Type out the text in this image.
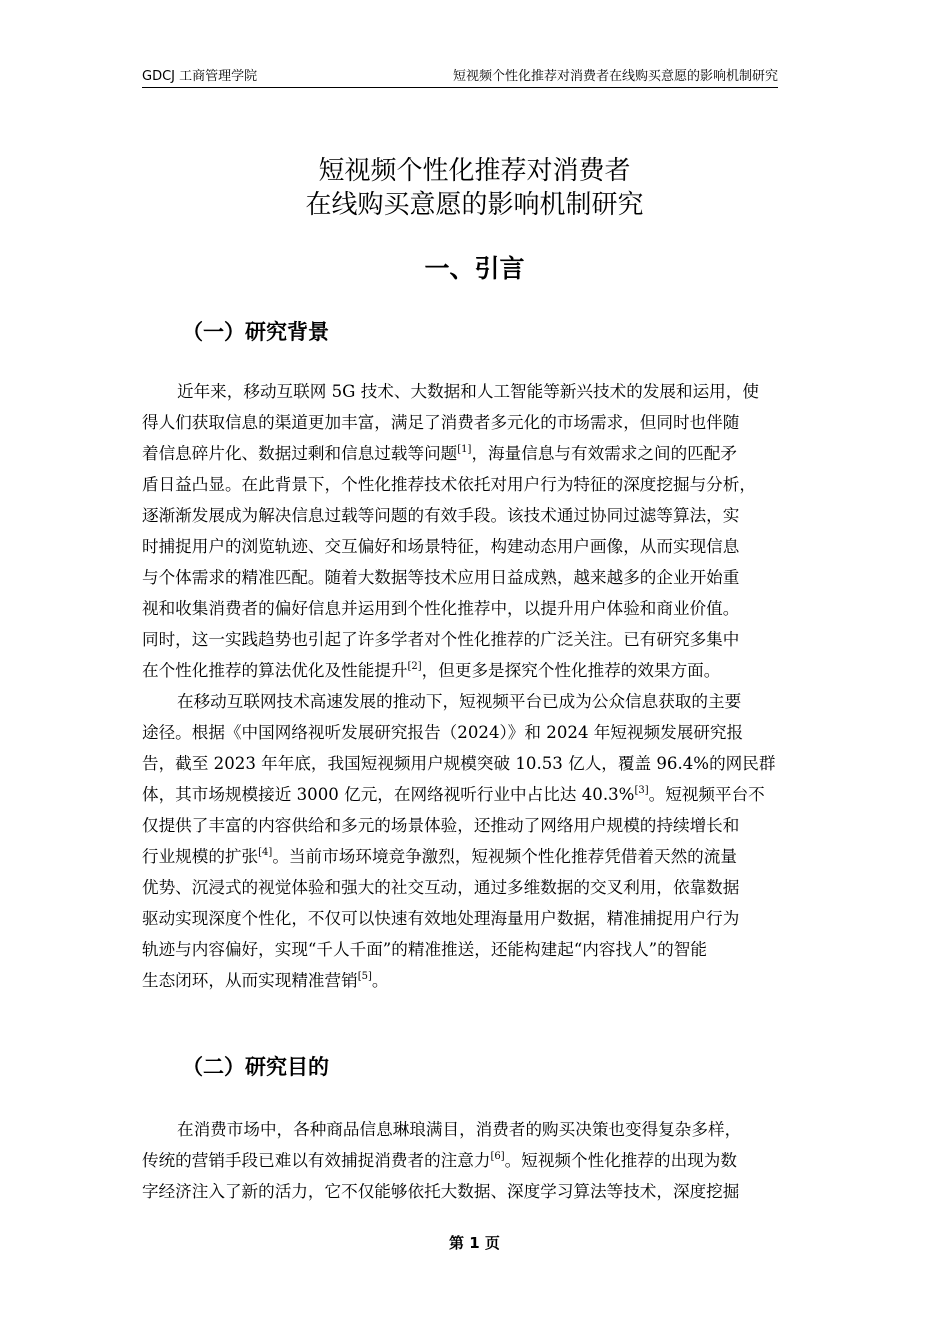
GDCJ 工商管理学院	短视频个性化推荐对消费者在线购买意愿的影响机制研究
短视频个性化推荐对消费者
在线购买意愿的影响机制研究
一、引言
（一）研究背景
近年来，移动互联网 5G 技术、大数据和人工智能等新兴技术的发展和运用，使
得人们获取信息的渠道更加丰富，满足了消费者多元化的市场需求，但同时也伴随
着信息碎片化、数据过剩和信息过载等问题[1]，海量信息与有效需求之间的匹配矛
盾日益凸显。在此背景下，个性化推荐技术依托对用户行为特征的深度挖掘与分析，
逐渐渐发展成为解决信息过载等问题的有效手段。该技术通过协同过滤等算法，实
时捕捉用户的浏览轨迹、交互偏好和场景特征，构建动态用户画像，从而实现信息
与个体需求的精准匹配。随着大数据等技术应用日益成熟，越来越多的企业开始重
视和收集消费者的偏好信息并运用到个性化推荐中，以提升用户体验和商业价值。
同时，这一实践趋势也引起了许多学者对个性化推荐的广泛关注。已有研究多集中
在个性化推荐的算法优化及性能提升[2]，但更多是探究个性化推荐的效果方面。
在移动互联网技术高速发展的推动下，短视频平台已成为公众信息获取的主要
途径。根据《中国网络视听发展研究报告（2024）》和 2024 年短视频发展研究报
告，截至 2023 年年底，我国短视频用户规模突破 10.53 亿人，覆盖 96.4%的网民群
体，其市场规模接近 3000 亿元，在网络视听行业中占比达 40.3%[3]。短视频平台不
仅提供了丰富的内容供给和多元的场景体验，还推动了网络用户规模的持续增长和
行业规模的扩张[4]。当前市场环境竞争激烈，短视频个性化推荐凭借着天然的流量
优势、沉浸式的视觉体验和强大的社交互动，通过多维数据的交叉利用，依靠数据
驱动实现深度个性化，不仅可以快速有效地处理海量用户数据，精准捕捉用户行为
轨迹与内容偏好，实现“千人千面”的精准推送，还能构建起“内容找人”的智能
生态闭环，从而实现精准营销[5]。
（二）研究目的
在消费市场中，各种商品信息琳琅满目，消费者的购买决策也变得复杂多样，
传统的营销手段已难以有效捕捉消费者的注意力[6]。短视频个性化推荐的出现为数
字经济注入了新的活力，它不仅能够依托大数据、深度学习算法等技术，深度挖掘
第 1 页
